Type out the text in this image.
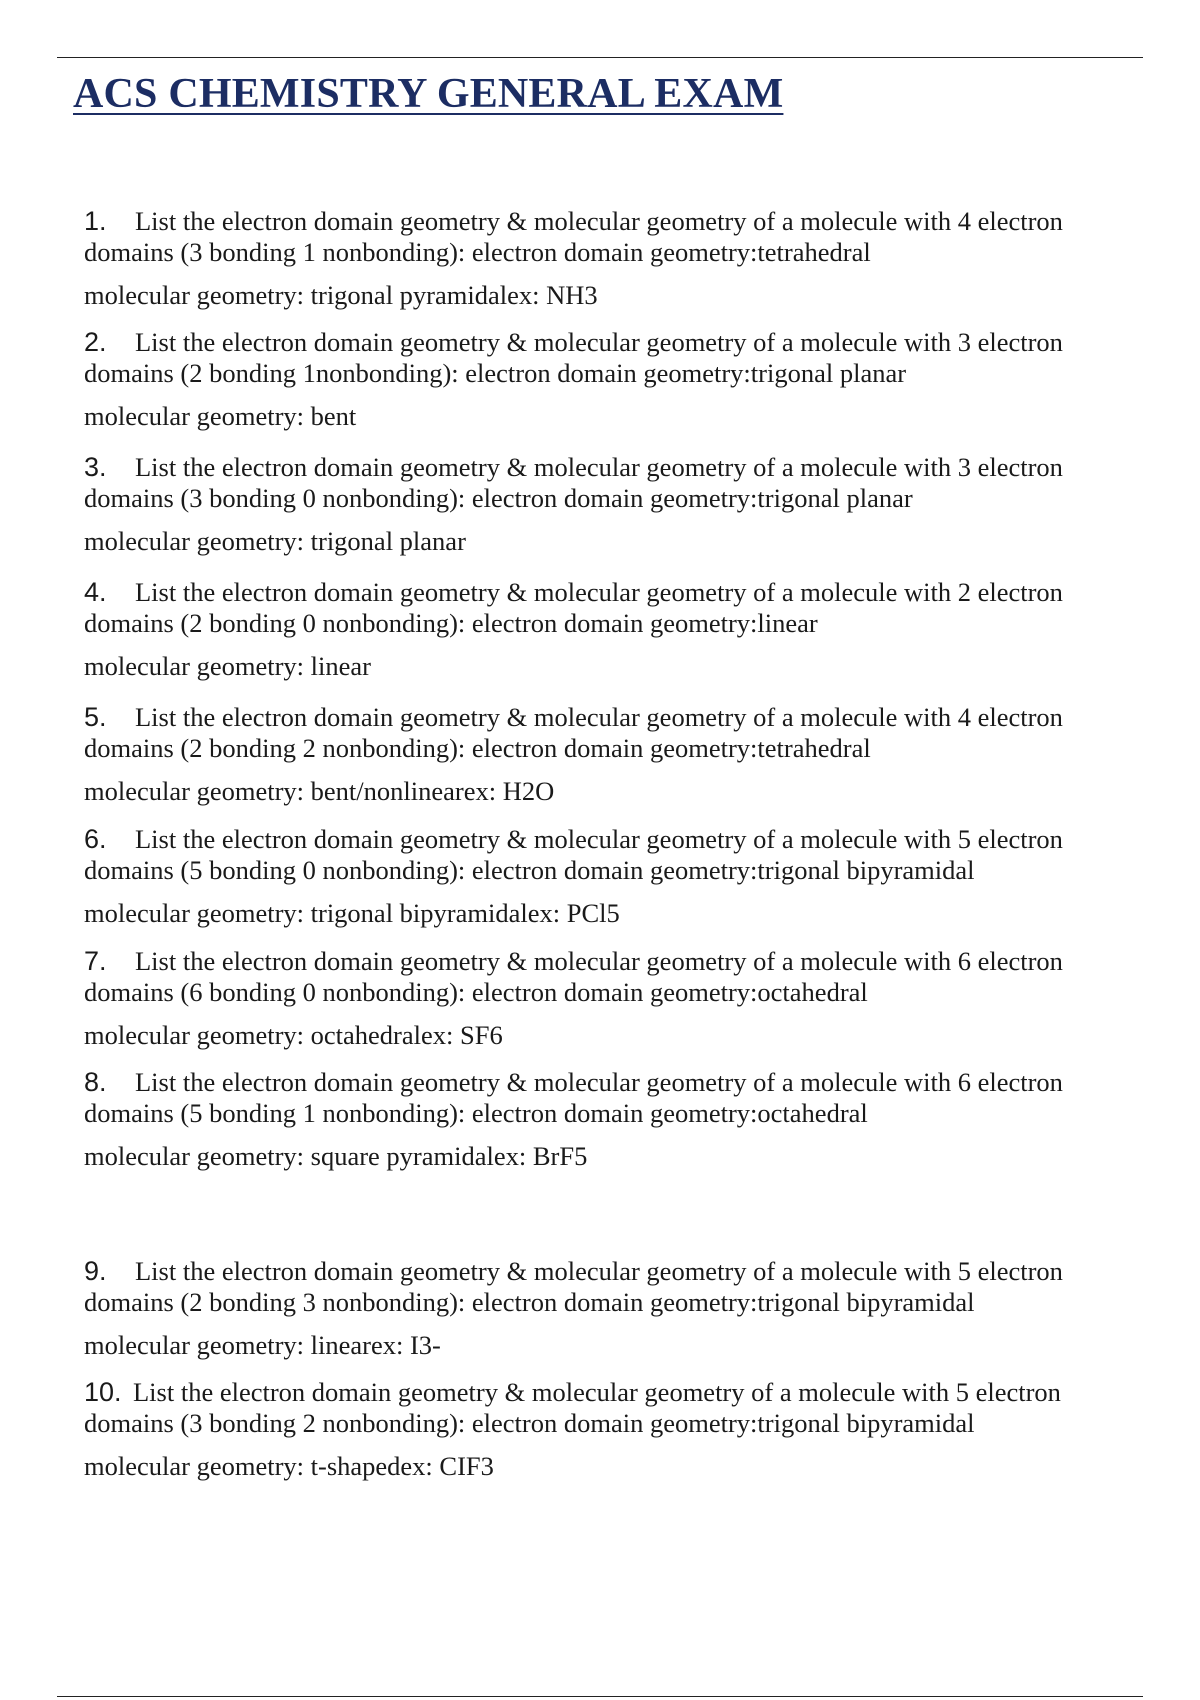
ACS CHEMISTRY GENERAL EXAM
1. List the electron domain geometry & molecular geometry of a molecule with 4 electron
domains (3 bonding 1 nonbonding): electron domain geometry:tetrahedral
molecular geometry: trigonal pyramidalex: NH3
2. List the electron domain geometry & molecular geometry of a molecule with 3 electron
domains (2 bonding 1nonbonding): electron domain geometry:trigonal planar
molecular geometry: bent
3. List the electron domain geometry & molecular geometry of a molecule with 3 electron
domains (3 bonding 0 nonbonding): electron domain geometry:trigonal planar
molecular geometry: trigonal planar
4. List the electron domain geometry & molecular geometry of a molecule with 2 electron
domains (2 bonding 0 nonbonding): electron domain geometry:linear
molecular geometry: linear
5. List the electron domain geometry & molecular geometry of a molecule with 4 electron
domains (2 bonding 2 nonbonding): electron domain geometry:tetrahedral
molecular geometry: bent/nonlinearex: H2O
6. List the electron domain geometry & molecular geometry of a molecule with 5 electron
domains (5 bonding 0 nonbonding): electron domain geometry:trigonal bipyramidal
molecular geometry: trigonal bipyramidalex: PCl5
7. List the electron domain geometry & molecular geometry of a molecule with 6 electron
domains (6 bonding 0 nonbonding): electron domain geometry:octahedral
molecular geometry: octahedralex: SF6
8. List the electron domain geometry & molecular geometry of a molecule with 6 electron
domains (5 bonding 1 nonbonding): electron domain geometry:octahedral
molecular geometry: square pyramidalex: BrF5
9. List the electron domain geometry & molecular geometry of a molecule with 5 electron
domains (2 bonding 3 nonbonding): electron domain geometry:trigonal bipyramidal
molecular geometry: linearex: I3-
10. List the electron domain geometry & molecular geometry of a molecule with 5 electron
domains (3 bonding 2 nonbonding): electron domain geometry:trigonal bipyramidal
molecular geometry: t-shapedex: CIF3
